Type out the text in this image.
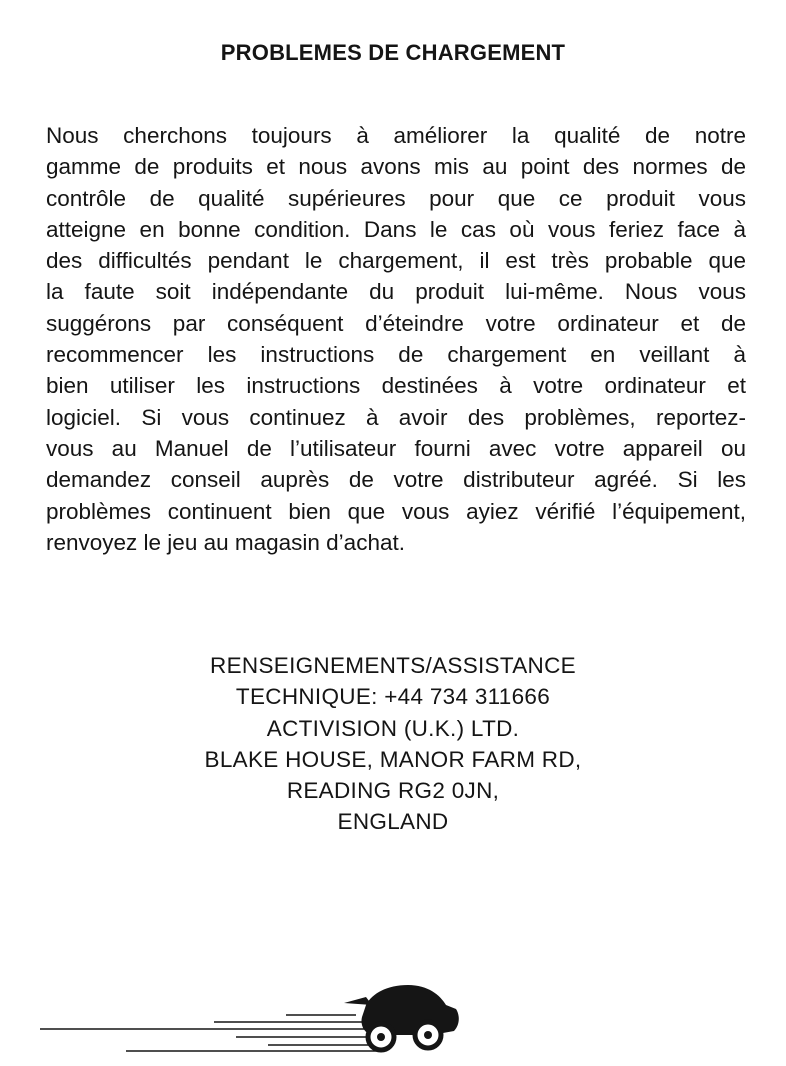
PROBLEMES DE CHARGEMENT
Nous cherchons toujours à améliorer la qualité de notre
gamme de produits et nous avons mis au point des normes de
contrôle de qualité supérieures pour que ce produit vous
atteigne en bonne condition. Dans le cas où vous feriez face à
des difficultés pendant le chargement, il est très probable que
la faute soit indépendante du produit lui-même. Nous vous
suggérons par conséquent d’éteindre votre ordinateur et de
recommencer les instructions de chargement en veillant à
bien utiliser les instructions destinées à votre ordinateur et
logiciel. Si vous continuez à avoir des problèmes, reportez-
vous au Manuel de l’utilisateur fourni avec votre appareil ou
demandez conseil auprès de votre distributeur agréé. Si les
problèmes continuent bien que vous ayiez vérifié l’équipement,
renvoyez le jeu au magasin d’achat.
RENSEIGNEMENTS/ASSISTANCE
TECHNIQUE: +44 734 311666
ACTIVISION (U.K.) LTD.
BLAKE HOUSE, MANOR FARM RD,
READING RG2 0JN,
ENGLAND
